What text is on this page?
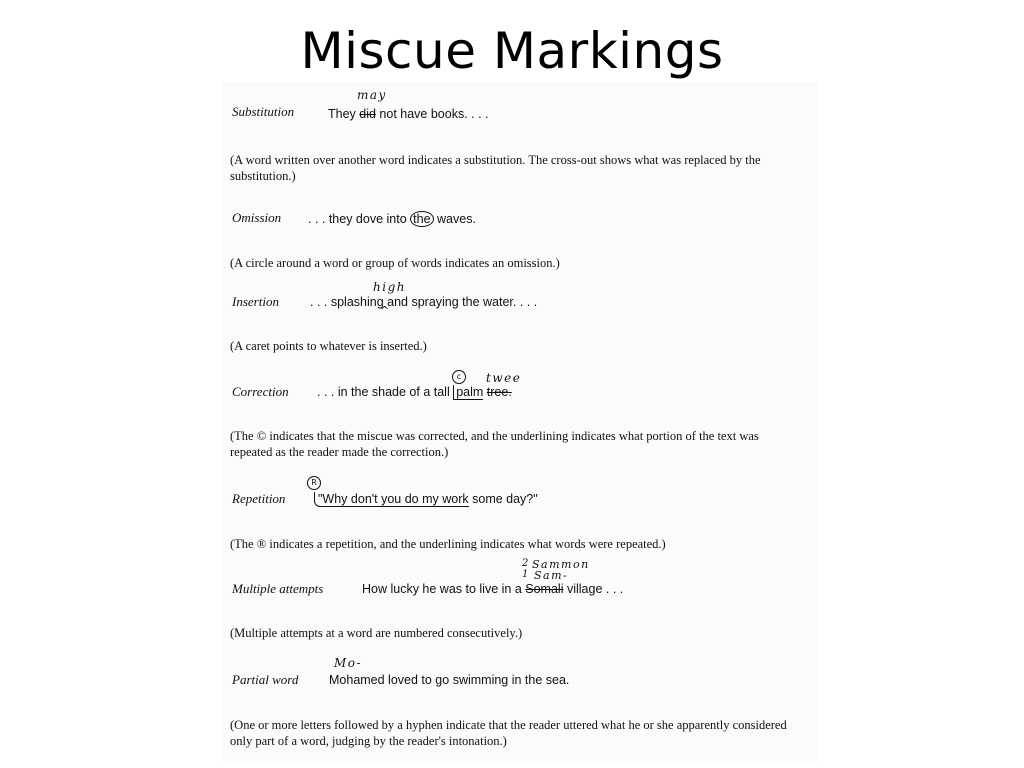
Miscue Markings
Substitution
may
They did not have books. . . .
(A word written over another word indicates a substitution. The cross-out shows what was replaced by the substitution.)
Omission . . . they dove into the waves.
(A circle around a word or group of words indicates an omission.)
high
Insertion . . . splashing and spraying the water. . . .
^
(A caret points to whatever is inserted.)
c	twee
Correction . . . in the shade of a tall palm tree.
(The © indicates that the miscue was corrected, and the underlining indicates what portion of the text was repeated as the reader made the correction.)
R
Repetition	"Why don't you do my work some day?"
(The ® indicates a repetition, and the underlining indicates what words were repeated.)
2 Sammon
1 Sam-
Multiple attempts	How lucky he was to live in a Somali village . . .
(Multiple attempts at a word are numbered consecutively.)
Mo-
Partial word Mohamed loved to go swimming in the sea.
(One or more letters followed by a hyphen indicate that the reader uttered what he or she apparently considered only part of a word, judging by the reader's intonation.)
